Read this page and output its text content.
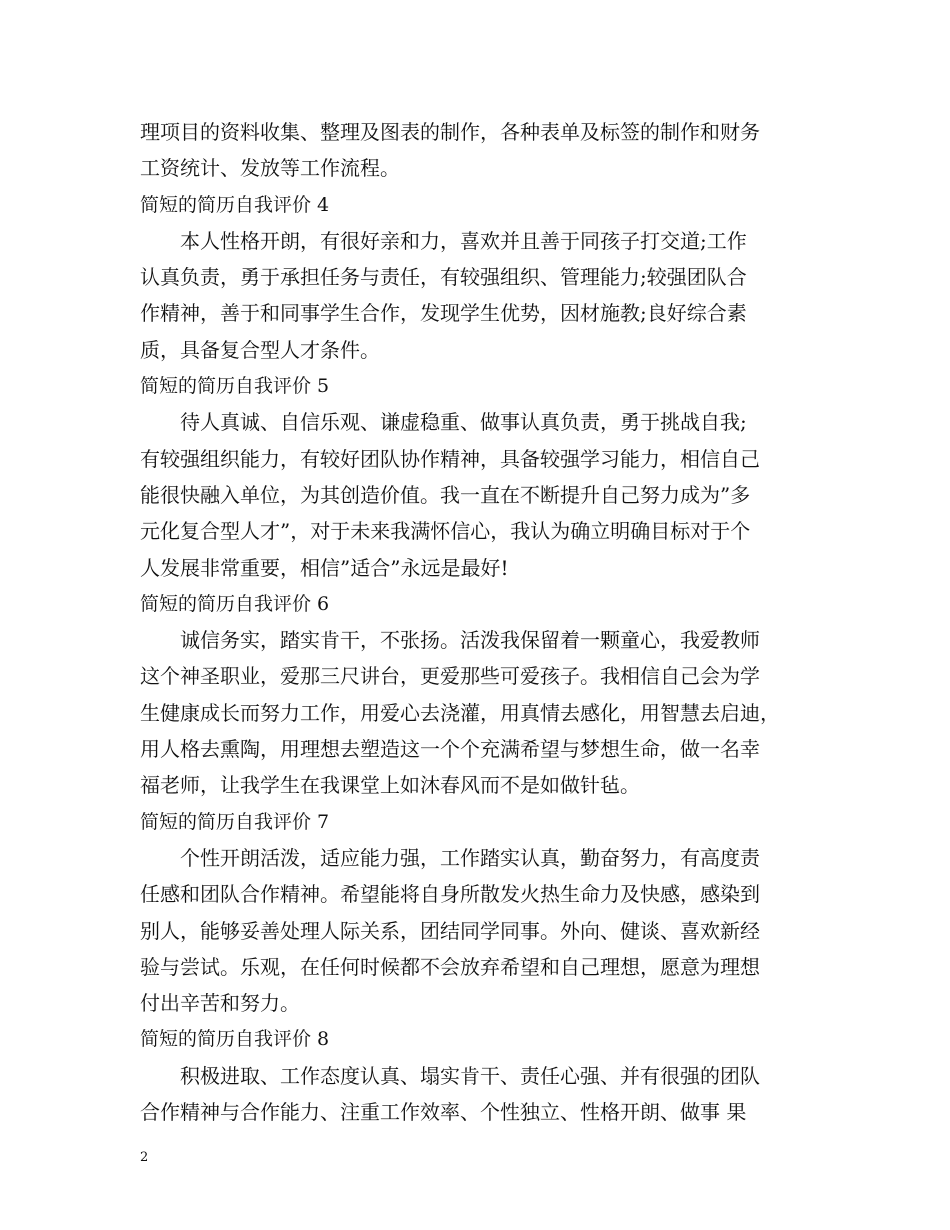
理项目的资料收集、整理及图表的制作，各种表单及标签的制作和财务
工资统计、发放等工作流程。
简短的简历自我评价 4
本人性格开朗，有很好亲和力，喜欢并且善于同孩子打交道;工作
认真负责，勇于承担任务与责任，有较强组织、管理能力;较强团队合
作精神，善于和同事学生合作，发现学生优势，因材施教;良好综合素
质，具备复合型人才条件。
简短的简历自我评价 5
待人真诚、自信乐观、谦虚稳重、做事认真负责，勇于挑战自我;
有较强组织能力，有较好团队协作精神，具备较强学习能力，相信自己
能很快融入单位，为其创造价值。我一直在不断提升自己努力成为”多
元化复合型人才”，对于未来我满怀信心，我认为确立明确目标对于个
人发展非常重要，相信”适合”永远是最好!
简短的简历自我评价 6
诚信务实，踏实肯干，不张扬。活泼我保留着一颗童心，我爱教师
这个神圣职业，爱那三尺讲台，更爱那些可爱孩子。我相信自己会为学
生健康成长而努力工作，用爱心去浇灌，用真情去感化，用智慧去启迪，
用人格去熏陶，用理想去塑造这一个个充满希望与梦想生命，做一名幸
福老师，让我学生在我课堂上如沐春风而不是如做针毡。
简短的简历自我评价 7
个性开朗活泼，适应能力强，工作踏实认真，勤奋努力，有高度责
任感和团队合作精神。希望能将自身所散发火热生命力及快感，感染到
别人，能够妥善处理人际关系，团结同学同事。外向、健谈、喜欢新经
验与尝试。乐观，在任何时候都不会放弃希望和自己理想，愿意为理想
付出辛苦和努力。
简短的简历自我评价 8
积极进取、工作态度认真、塌实肯干、责任心强、并有很强的团队
合作精神与合作能力、注重工作效率、个性独立、性格开朗、做事 果
2
